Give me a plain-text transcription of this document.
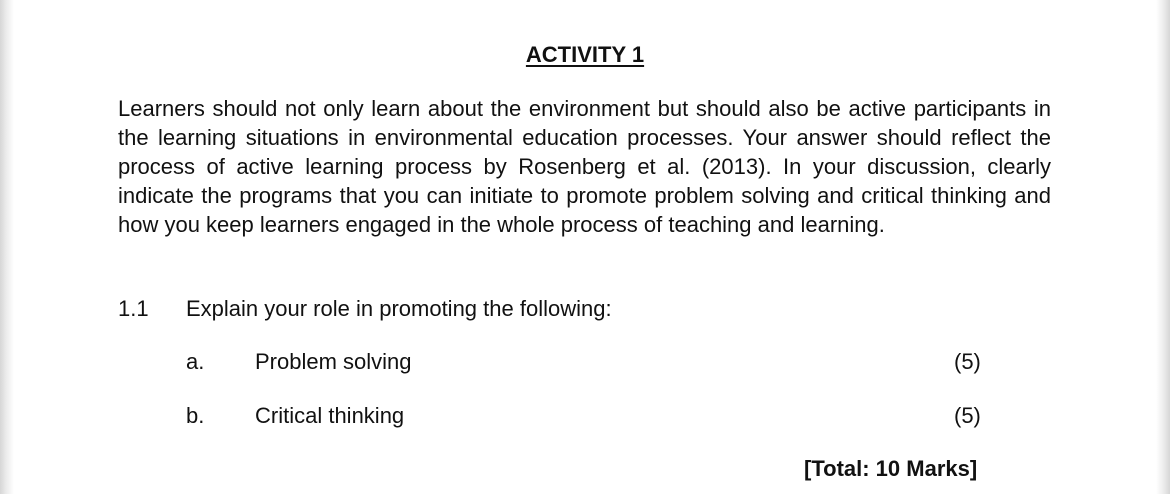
ACTIVITY 1

Learners should not only learn about the environment but should also be active participants in the learning situations in environmental education processes. Your answer should reflect the process of active learning process by Rosenberg et al. (2013). In your discussion, clearly indicate the programs that you can initiate to promote problem solving and critical thinking and how you keep learners engaged in the whole process of teaching and learning.

1.1 Explain your role in promoting the following:
a. Problem solving	(5)
b. Critical thinking	(5)
[Total: 10 Marks]
